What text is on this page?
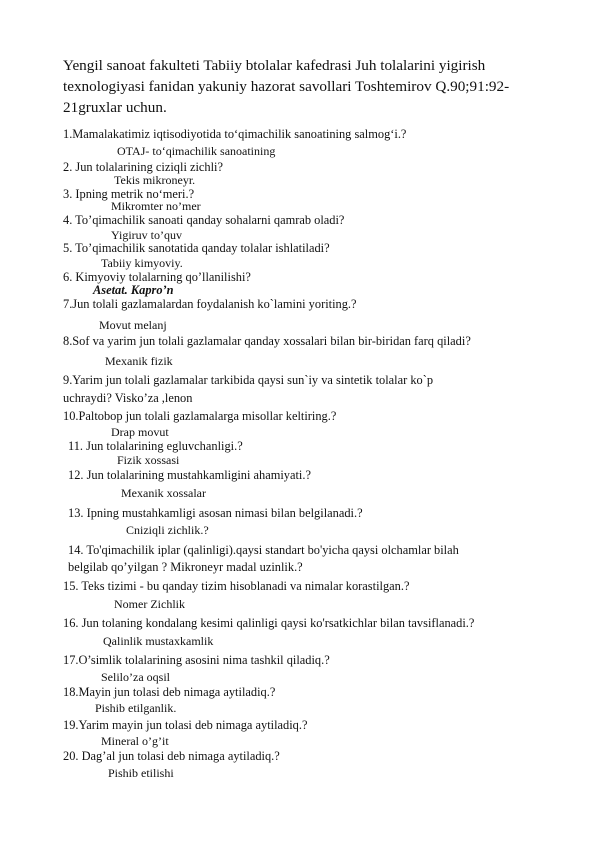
Yengil sanoat fakulteti Tabiiy btolalar kafedrasi Juh tolalarini yigirish texnologiyasi fanidan yakuniy hazorat savollari Toshtemirov Q.90;91:92-21gruxlar uchun.
1.Mamalakatimiz iqtisodiyotida to‘qimachilik sanoatining salmog‘i.?
OTAJ- to‘qimachilik sanoatining
2. Jun tolalarining ciziqli zichli?
Tekis mikroneyr.
3. Ipning metrik no‘meri.?
Mikromter no’mer
4. To’qimachilik sanoati qanday sohalarni qamrab oladi?
Yigiruv to’quv
5. To’qimachilik sanotatida qanday tolalar ishlatiladi?
Tabiiy kimyoviy.
6. Kimyoviy tolalarning qo’llanilishi?
Asetat. Kapro’n
7.Jun tolali gazlamalardan foydalanish ko`lamini yoriting.?
Movut melanj
8.Sof va yarim jun tolali gazlamalar qanday xossalari bilan bir-biridan farq qiladi?
Mexanik fizik
9.Yarim jun tolali gazlamalar tarkibida qaysi sun`iy va sintetik tolalar ko`p
uchraydi? Visko’za ,lenon
10.Paltobop jun tolali gazlamalarga misollar keltiring.?
Drap movut
11. Jun tolalarining egluvchanligi.?
Fizik xossasi
12. Jun tolalarining mustahkamligini ahamiyati.?
Mexanik xossalar
13. Ipning mustahkamligi asosan nimasi bilan belgilanadi.?
Cniziqli zichlik.?
14. To'qimachilik iplar (qalinligi).qaysi standart bo'yicha qaysi olchamlar bilah
belgilab qo’yilgan ? Mikroneyr madal uzinlik.?
15. Teks tizimi - bu qanday tizim hisoblanadi va nimalar korastilgan.?
Nomer Zichlik
16. Jun tolaning kondalang kesimi qalinligi qaysi ko'rsatkichlar bilan tavsiflanadi.?
Qalinlik mustaxkamlik
17.O’simlik tolalarining asosini nima tashkil qiladiq.?
Selilo’za oqsil
18.Mayin jun tolasi deb nimaga aytiladiq.?
Pishib etilganlik.
19.Yarim mayin jun tolasi deb nimaga aytiladiq.?
Mineral o’g’it
20. Dag’al jun tolasi deb nimaga aytiladiq.?
Pishib etilishi
